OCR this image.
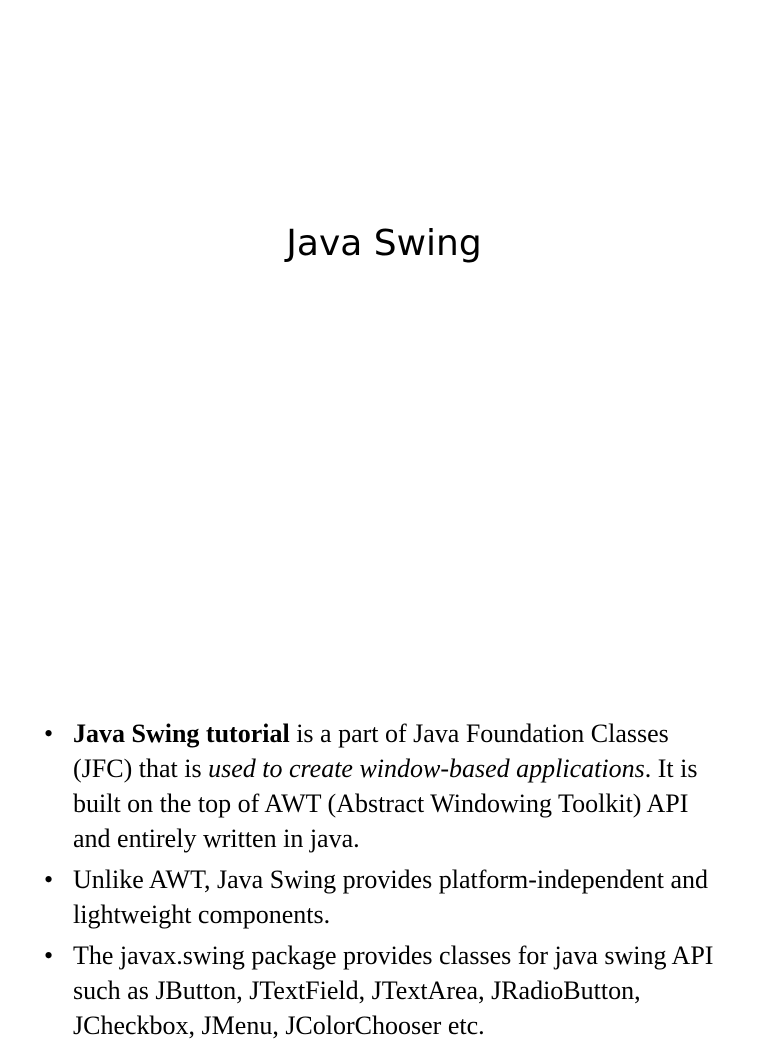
Java Swing
• Java Swing tutorial is a part of Java Foundation Classes (JFC) that is used to create window-based applications. It is built on the top of AWT (Abstract Windowing Toolkit) API and entirely written in java.
• Unlike AWT, Java Swing provides platform-independent and lightweight components.
• The javax.swing package provides classes for java swing API such as JButton, JTextField, JTextArea, JRadioButton, JCheckbox, JMenu, JColorChooser etc.
